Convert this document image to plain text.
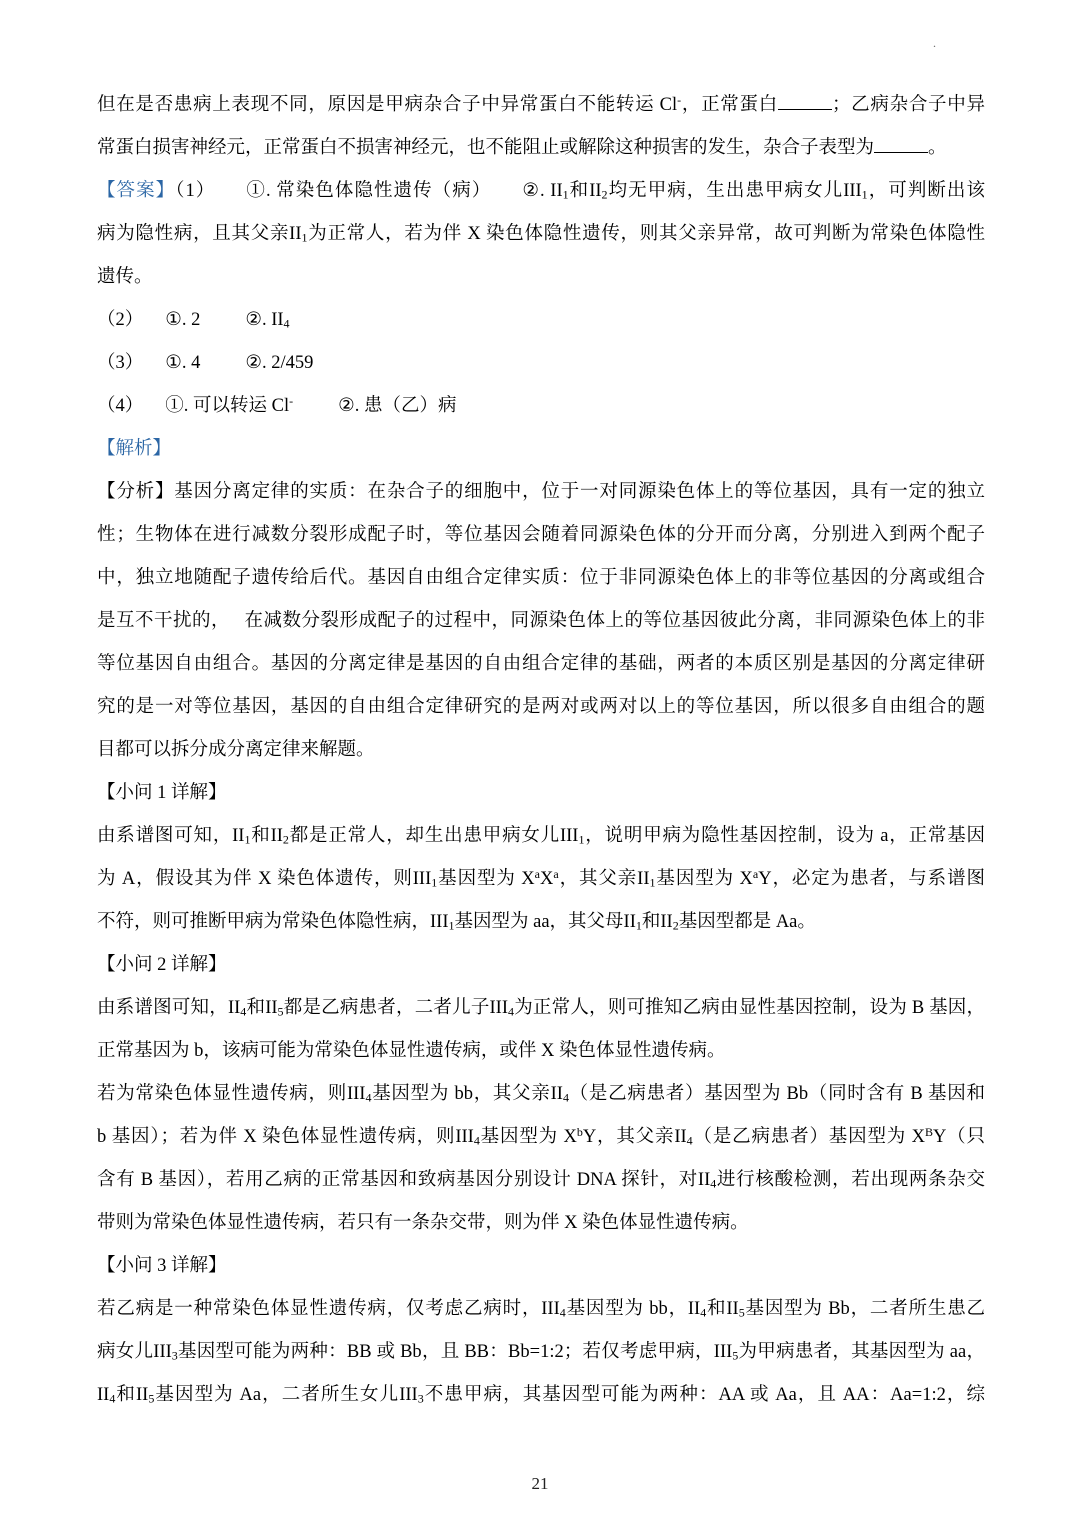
.
但在是否患病上表现不同，原因是甲病杂合子中异常蛋白不能转运 Cl-，正常蛋白	；乙病杂合子中异
常蛋白损害神经元，正常蛋白不损害神经元，也不能阻止或解除这种损害的发生，杂合子表型为	。
【答案】（1） ①. 常染色体隐性遗传（病） ②. $II_1$和$II_2$均无甲病，生出患甲病女儿$III_1$，可判断出该
病为隐性病，且其父亲$II_1$为正常人，若为伴 X 染色体隐性遗传，则其父亲异常，故可判断为常染色体隐性
遗传。
（2） ①. 2 ②. $II_4$
（3） ①. 4 ②. 2/459
（4） ①. 可以转运 Cl- ②. 患（乙）病
【解析】
【分析】基因分离定律的实质：在杂合子的细胞中，位于一对同源染色体上的等位基因，具有一定的独立
性；生物体在进行减数分裂形成配子时，等位基因会随着同源染色体的分开而分离，分别进入到两个配子
中，独立地随配子遗传给后代。基因自由组合定律实质：位于非同源染色体上的非等位基因的分离或组合
是互不干扰的， 在减数分裂形成配子的过程中，同源染色体上的等位基因彼此分离，非同源染色体上的非
等位基因自由组合。基因的分离定律是基因的自由组合定律的基础，两者的本质区别是基因的分离定律研
究的是一对等位基因，基因的自由组合定律研究的是两对或两对以上的等位基因，所以很多自由组合的题
目都可以拆分成分离定律来解题。
【小问 1 详解】
由系谱图可知，$II_1$和$II_2$都是正常人，却生出患甲病女儿$III_1$，说明甲病为隐性基因控制，设为 a，正常基因
为 A，假设其为伴 X 染色体遗传，则$III_1$基因型为 $X^aX^a$，其父亲$II_1$基因型为 $X^aY$，必定为患者，与系谱图
不符，则可推断甲病为常染色体隐性病，$III_1$基因型为 aa，其父母$II_1$和$II_2$基因型都是 Aa。
【小问 2 详解】
由系谱图可知，$II_4$和$II_5$都是乙病患者，二者儿子$III_4$为正常人，则可推知乙病由显性基因控制，设为 B 基因，
正常基因为 b，该病可能为常染色体显性遗传病，或伴 X 染色体显性遗传病。
若为常染色体显性遗传病，则$III_4$基因型为 bb，其父亲$II_4$（是乙病患者）基因型为 Bb（同时含有 B 基因和
b 基因）；若为伴 X 染色体显性遗传病，则$III_4$基因型为 $X^bY$，其父亲$II_4$（是乙病患者）基因型为 $X^BY$（只
含有 B 基因），若用乙病的正常基因和致病基因分别设计 DNA 探针，对$II_4$进行核酸检测，若出现两条杂交
带则为常染色体显性遗传病，若只有一条杂交带，则为伴 X 染色体显性遗传病。
【小问 3 详解】
若乙病是一种常染色体显性遗传病，仅考虑乙病时，$III_4$基因型为 bb，$II_4$和$II_5$基因型为 Bb，二者所生患乙
病女儿$III_3$基因型可能为两种：BB 或 Bb，且 BB：Bb=1:2；若仅考虑甲病，$III_5$为甲病患者，其基因型为 aa，
$II_4$和$II_5$基因型为 Aa，二者所生女儿$III_3$不患甲病，其基因型可能为两种：AA 或 Aa，且 AA：Aa=1:2，综
21
